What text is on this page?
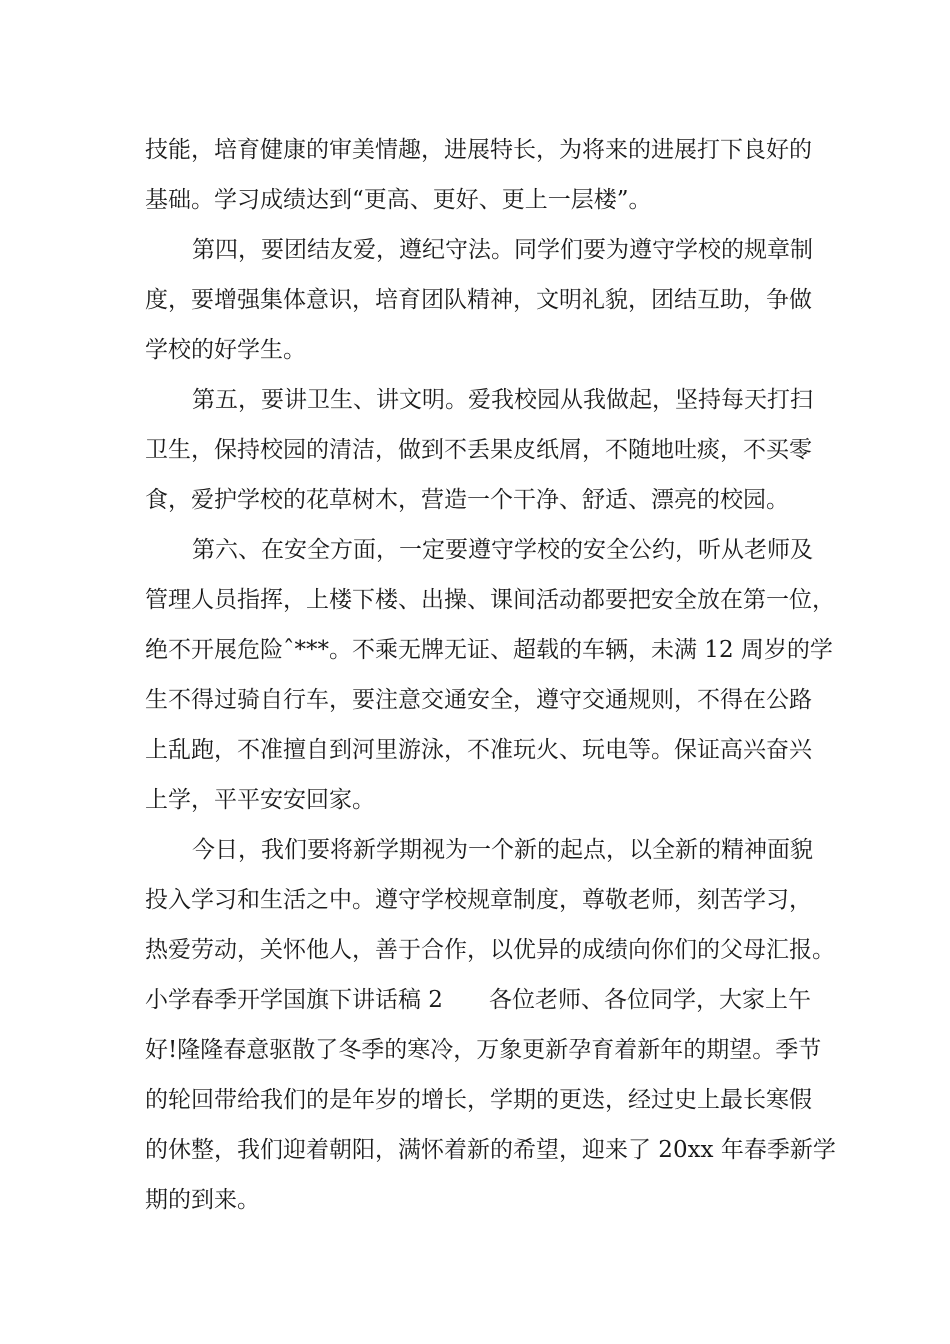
技能，培育健康的审美情趣，进展特长，为将来的进展打下良好的
基础。学习成绩达到“更高、更好、更上一层楼”。
第四，要团结友爱，遵纪守法。同学们要为遵守学校的规章制
度，要增强集体意识，培育团队精神，文明礼貌，团结互助，争做
学校的好学生。
第五，要讲卫生、讲文明。爱我校园从我做起，坚持每天打扫
卫生，保持校园的清洁，做到不丢果皮纸屑，不随地吐痰，不买零
食，爱护学校的花草树木，营造一个干净、舒适、漂亮的校园。
第六、在安全方面，一定要遵守学校的安全公约，听从老师及
管理人员指挥，上楼下楼、出操、课间活动都要把安全放在第一位，
绝不开展危险ˆ***。不乘无牌无证、超载的车辆，未满 12 周岁的学
生不得过骑自行车，要注意交通安全，遵守交通规则，不得在公路
上乱跑，不准擅自到河里游泳，不准玩火、玩电等。保证高兴奋兴
上学，平平安安回家。
今日，我们要将新学期视为一个新的起点，以全新的精神面貌
投入学习和生活之中。遵守学校规章制度，尊敬老师，刻苦学习，
热爱劳动，关怀他人，善于合作，以优异的成绩向你们的父母汇报。
小学春季开学国旗下讲话稿 2　　各位老师、各位同学，大家上午
好!隆隆春意驱散了冬季的寒冷，万象更新孕育着新年的期望。季节
的轮回带给我们的是年岁的增长，学期的更迭，经过史上最长寒假
的休整，我们迎着朝阳，满怀着新的希望，迎来了 20xx 年春季新学
期的到来。
